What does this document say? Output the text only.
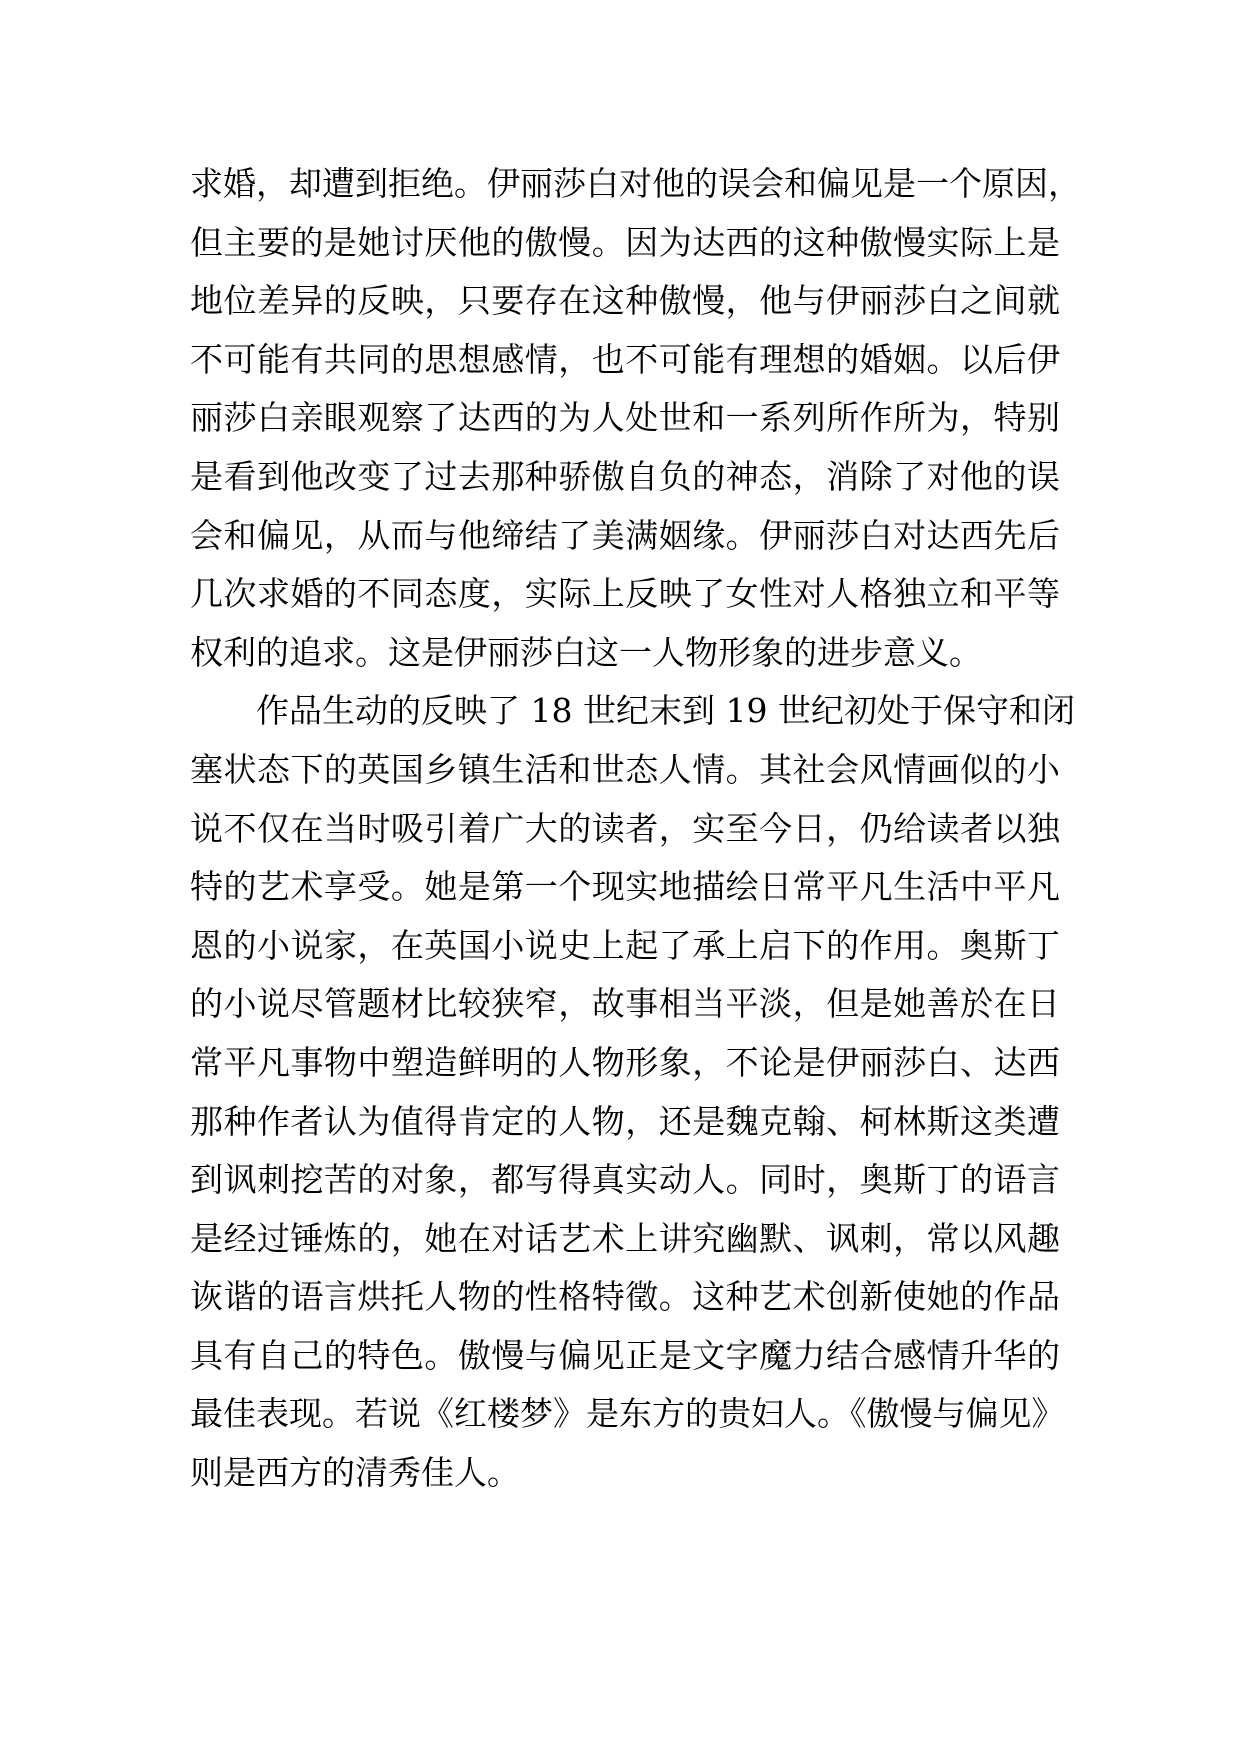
求婚，却遭到拒绝。伊丽莎白对他的误会和偏见是一个原因，
但主要的是她讨厌他的傲慢。因为达西的这种傲慢实际上是
地位差异的反映，只要存在这种傲慢，他与伊丽莎白之间就
不可能有共同的思想感情，也不可能有理想的婚姻。以后伊
丽莎白亲眼观察了达西的为人处世和一系列所作所为，特别
是看到他改变了过去那种骄傲自负的神态，消除了对他的误
会和偏见，从而与他缔结了美满姻缘。伊丽莎白对达西先后
几次求婚的不同态度，实际上反映了女性对人格独立和平等
权利的追求。这是伊丽莎白这一人物形象的进步意义。
作品生动的反映了 18 世纪末到 19 世纪初处于保守和闭
塞状态下的英国乡镇生活和世态人情。其社会风情画似的小
说不仅在当时吸引着广大的读者，实至今日，仍给读者以独
特的艺术享受。她是第一个现实地描绘日常平凡生活中平凡
恩的小说家，在英国小说史上起了承上启下的作用。奥斯丁
的小说尽管题材比较狭窄，故事相当平淡，但是她善於在日
常平凡事物中塑造鲜明的人物形象，不论是伊丽莎白、达西
那种作者认为值得肯定的人物，还是魏克翰、柯林斯这类遭
到讽刺挖苦的对象，都写得真实动人。同时，奥斯丁的语言
是经过锤炼的，她在对话艺术上讲究幽默、讽刺，常以风趣
诙谐的语言烘托人物的性格特徵。这种艺术创新使她的作品
具有自己的特色。傲慢与偏见正是文字魔力结合感情升华的
最佳表现。若说《红楼梦》是东方的贵妇人。《傲慢与偏见》
则是西方的清秀佳人。
